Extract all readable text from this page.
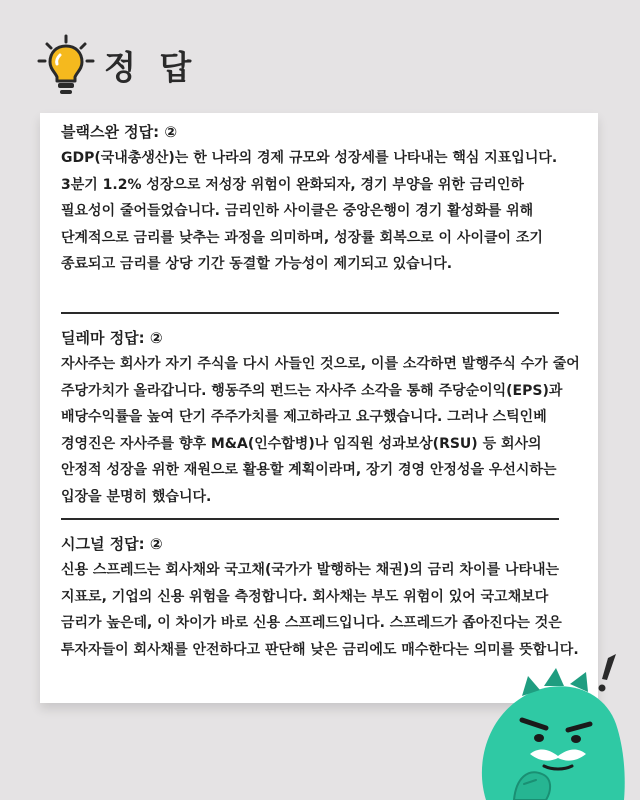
정 답
블랙스완 정답: ②
GDP(국내총생산)는 한 나라의 경제 규모와 성장세를 나타내는 핵심 지표입니다. 3분기 1.2% 성장으로 저성장 위험이 완화되자, 경기 부양을 위한 금리인하 필요성이 줄어들었습니다. 금리인하 사이클은 중앙은행이 경기 활성화를 위해 단계적으로 금리를 낮추는 과정을 의미하며, 성장률 회복으로 이 사이클이 조기 종료되고 금리를 상당 기간 동결할 가능성이 제기되고 있습니다.
딜레마 정답: ②
자사주는 회사가 자기 주식을 다시 사들인 것으로, 이를 소각하면 발행주식 수가 줄어 주당가치가 올라갑니다. 행동주의 펀드는 자사주 소각을 통해 주당순이익(EPS)과 배당수익률을 높여 단기 주주가치를 제고하라고 요구했습니다. 그러나 스틱인베 경영진은 자사주를 향후 M&A(인수합병)나 임직원 성과보상(RSU) 등 회사의 안정적 성장을 위한 재원으로 활용할 계획이라며, 장기 경영 안정성을 우선시하는 입장을 분명히 했습니다.
시그널 정답: ②
신용 스프레드는 회사채와 국고채(국가가 발행하는 채권)의 금리 차이를 나타내는 지표로, 기업의 신용 위험을 측정합니다. 회사채는 부도 위험이 있어 국고채보다 금리가 높은데, 이 차이가 바로 신용 스프레드입니다. 스프레드가 좁아진다는 것은 투자자들이 회사채를 안전하다고 판단해 낮은 금리에도 매수한다는 의미를 뜻합니다.
